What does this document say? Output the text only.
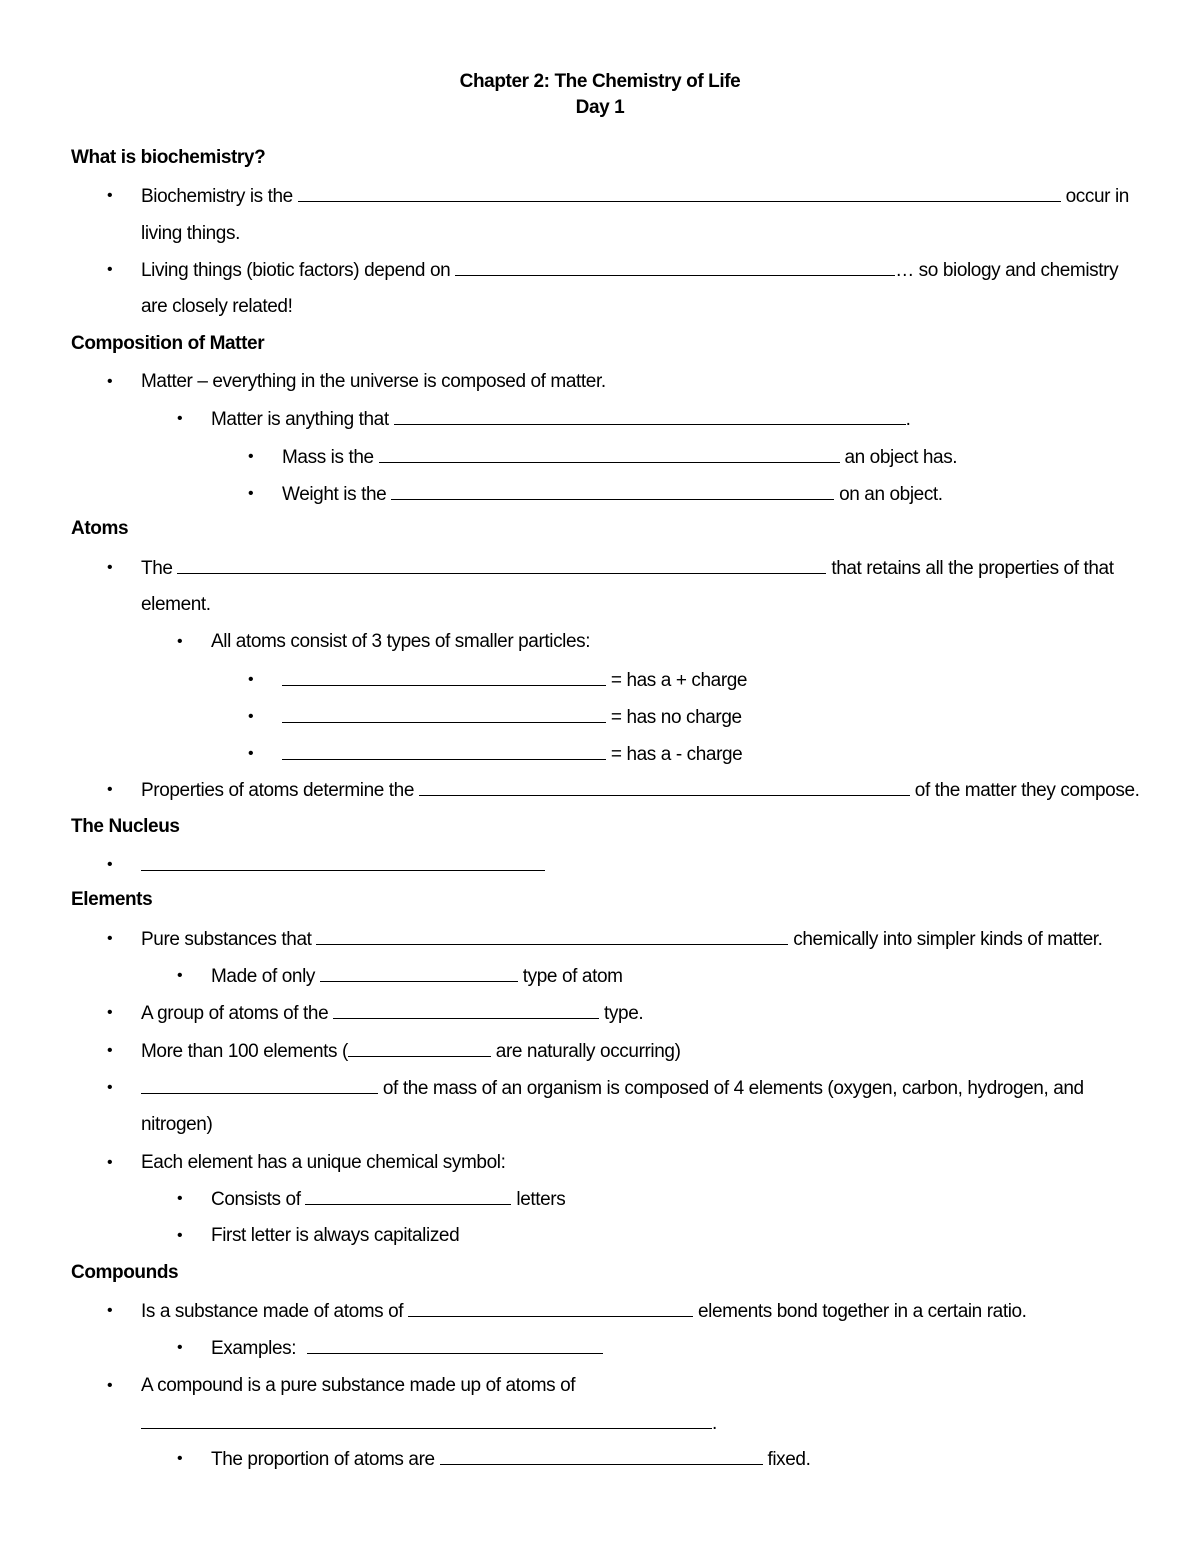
Chapter 2: The Chemistry of Life
Day 1
What is biochemistry?
• Biochemistry is the	occur in
living things.
• Living things (biotic factors) depend on	… so biology and chemistry
are closely related!
Composition of Matter
• Matter – everything in the universe is composed of matter.
• Matter is anything that	.
• Mass is the	an object has.
• Weight is the	on an object.
Atoms
• The	that retains all the properties of that
element.
• All atoms consist of 3 types of smaller particles:
•	= has a + charge
•	= has no charge
•	= has a - charge
• Properties of atoms determine the	of the matter they compose.
The Nucleus
•
Elements
• Pure substances that	chemically into simpler kinds of matter.
• Made of only	type of atom
• A group of atoms of the	type.
• More than 100 elements (	are naturally occurring)
•	of the mass of an organism is composed of 4 elements (oxygen, carbon, hydrogen, and
nitrogen)
• Each element has a unique chemical symbol:
• Consists of	letters
• First letter is always capitalized
Compounds
• Is a substance made of atoms of	elements bond together in a certain ratio.
• Examples:
• A compound is a pure substance made up of atoms of
.
• The proportion of atoms are	fixed.
